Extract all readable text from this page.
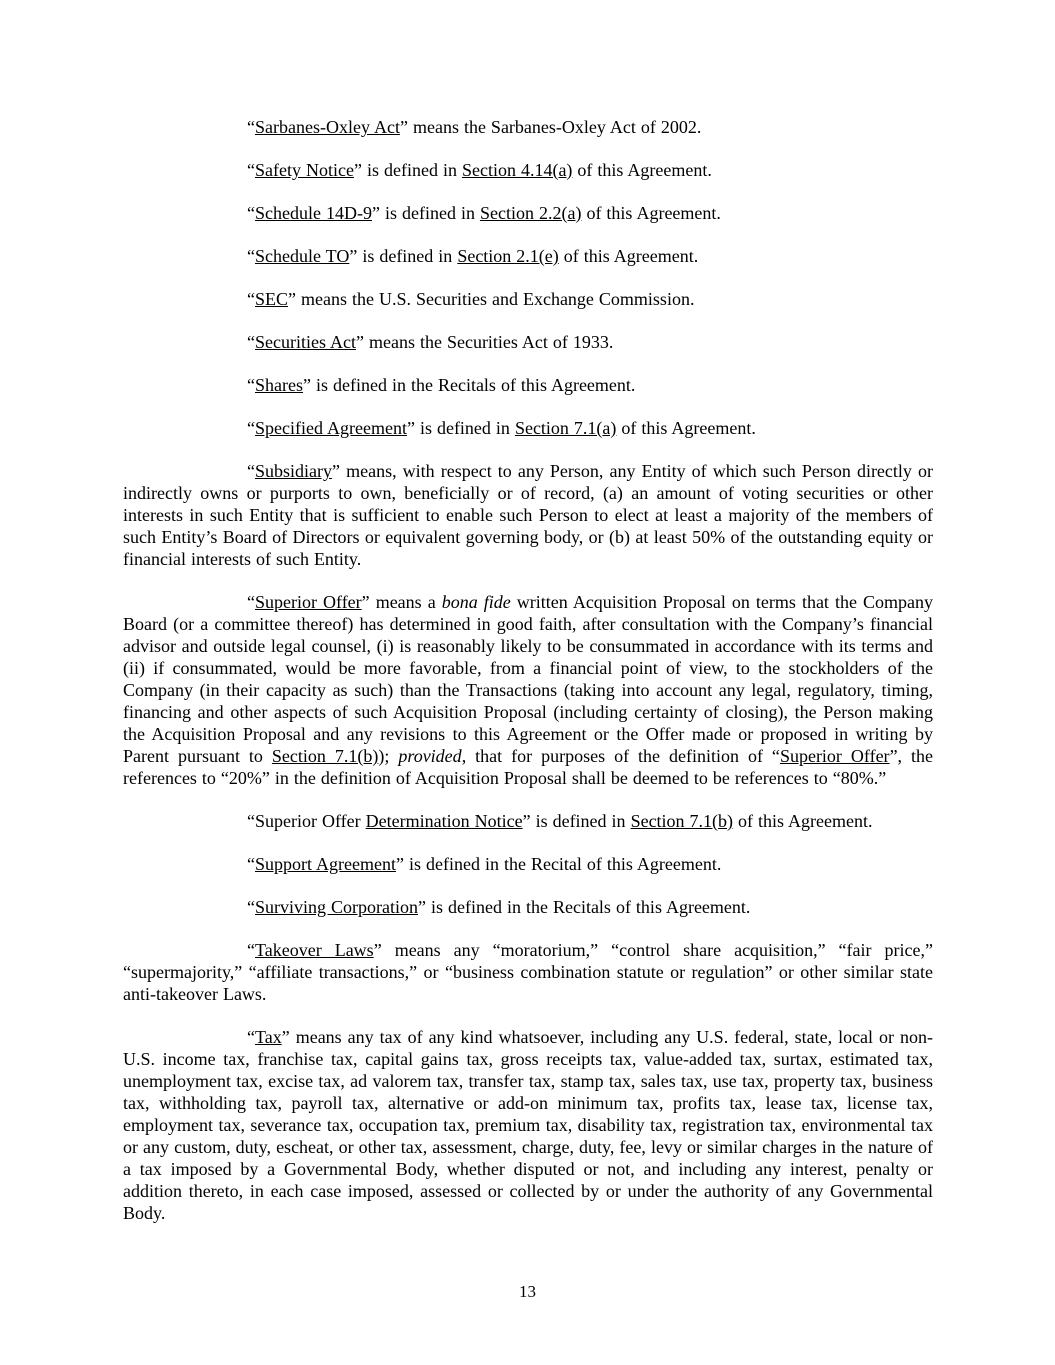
“Sarbanes-Oxley Act” means the Sarbanes-Oxley Act of 2002.

“Safety Notice” is defined in Section 4.14(a) of this Agreement.

“Schedule 14D-9” is defined in Section 2.2(a) of this Agreement.

“Schedule TO” is defined in Section 2.1(e) of this Agreement.

“SEC” means the U.S. Securities and Exchange Commission.

“Securities Act” means the Securities Act of 1933.

“Shares” is defined in the Recitals of this Agreement.

“Specified Agreement” is defined in Section 7.1(a) of this Agreement.

“Subsidiary” means, with respect to any Person, any Entity of which such Person directly or indirectly owns or purports to own, beneficially or of record, (a) an amount of voting securities or other interests in such Entity that is sufficient to enable such Person to elect at least a majority of the members of such Entity’s Board of Directors or equivalent governing body, or (b) at least 50% of the outstanding equity or financial interests of such Entity.

“Superior Offer” means a bona fide written Acquisition Proposal on terms that the Company Board (or a committee thereof) has determined in good faith, after consultation with the Company’s financial advisor and outside legal counsel, (i) is reasonably likely to be consummated in accordance with its terms and (ii) if consummated, would be more favorable, from a financial point of view, to the stockholders of the Company (in their capacity as such) than the Transactions (taking into account any legal, regulatory, timing, financing and other aspects of such Acquisition Proposal (including certainty of closing), the Person making the Acquisition Proposal and any revisions to this Agreement or the Offer made or proposed in writing by Parent pursuant to Section 7.1(b)); provided, that for purposes of the definition of “Superior Offer”, the references to “20%” in the definition of Acquisition Proposal shall be deemed to be references to “80%.”

“Superior Offer Determination Notice” is defined in Section 7.1(b) of this Agreement.

“Support Agreement” is defined in the Recital of this Agreement.

“Surviving Corporation” is defined in the Recitals of this Agreement.

“Takeover Laws” means any “moratorium,” “control share acquisition,” “fair price,” “supermajority,” “affiliate transactions,” or “business combination statute or regulation” or other similar state anti-takeover Laws.

“Tax” means any tax of any kind whatsoever, including any U.S. federal, state, local or non-U.S. income tax, franchise tax, capital gains tax, gross receipts tax, value-added tax, surtax, estimated tax, unemployment tax, excise tax, ad valorem tax, transfer tax, stamp tax, sales tax, use tax, property tax, business tax, withholding tax, payroll tax, alternative or add-on minimum tax, profits tax, lease tax, license tax, employment tax, severance tax, occupation tax, premium tax, disability tax, registration tax, environmental tax or any custom, duty, escheat, or other tax, assessment, charge, duty, fee, levy or similar charges in the nature of a tax imposed by a Governmental Body, whether disputed or not, and including any interest, penalty or addition thereto, in each case imposed, assessed or collected by or under the authority of any Governmental Body.

13
